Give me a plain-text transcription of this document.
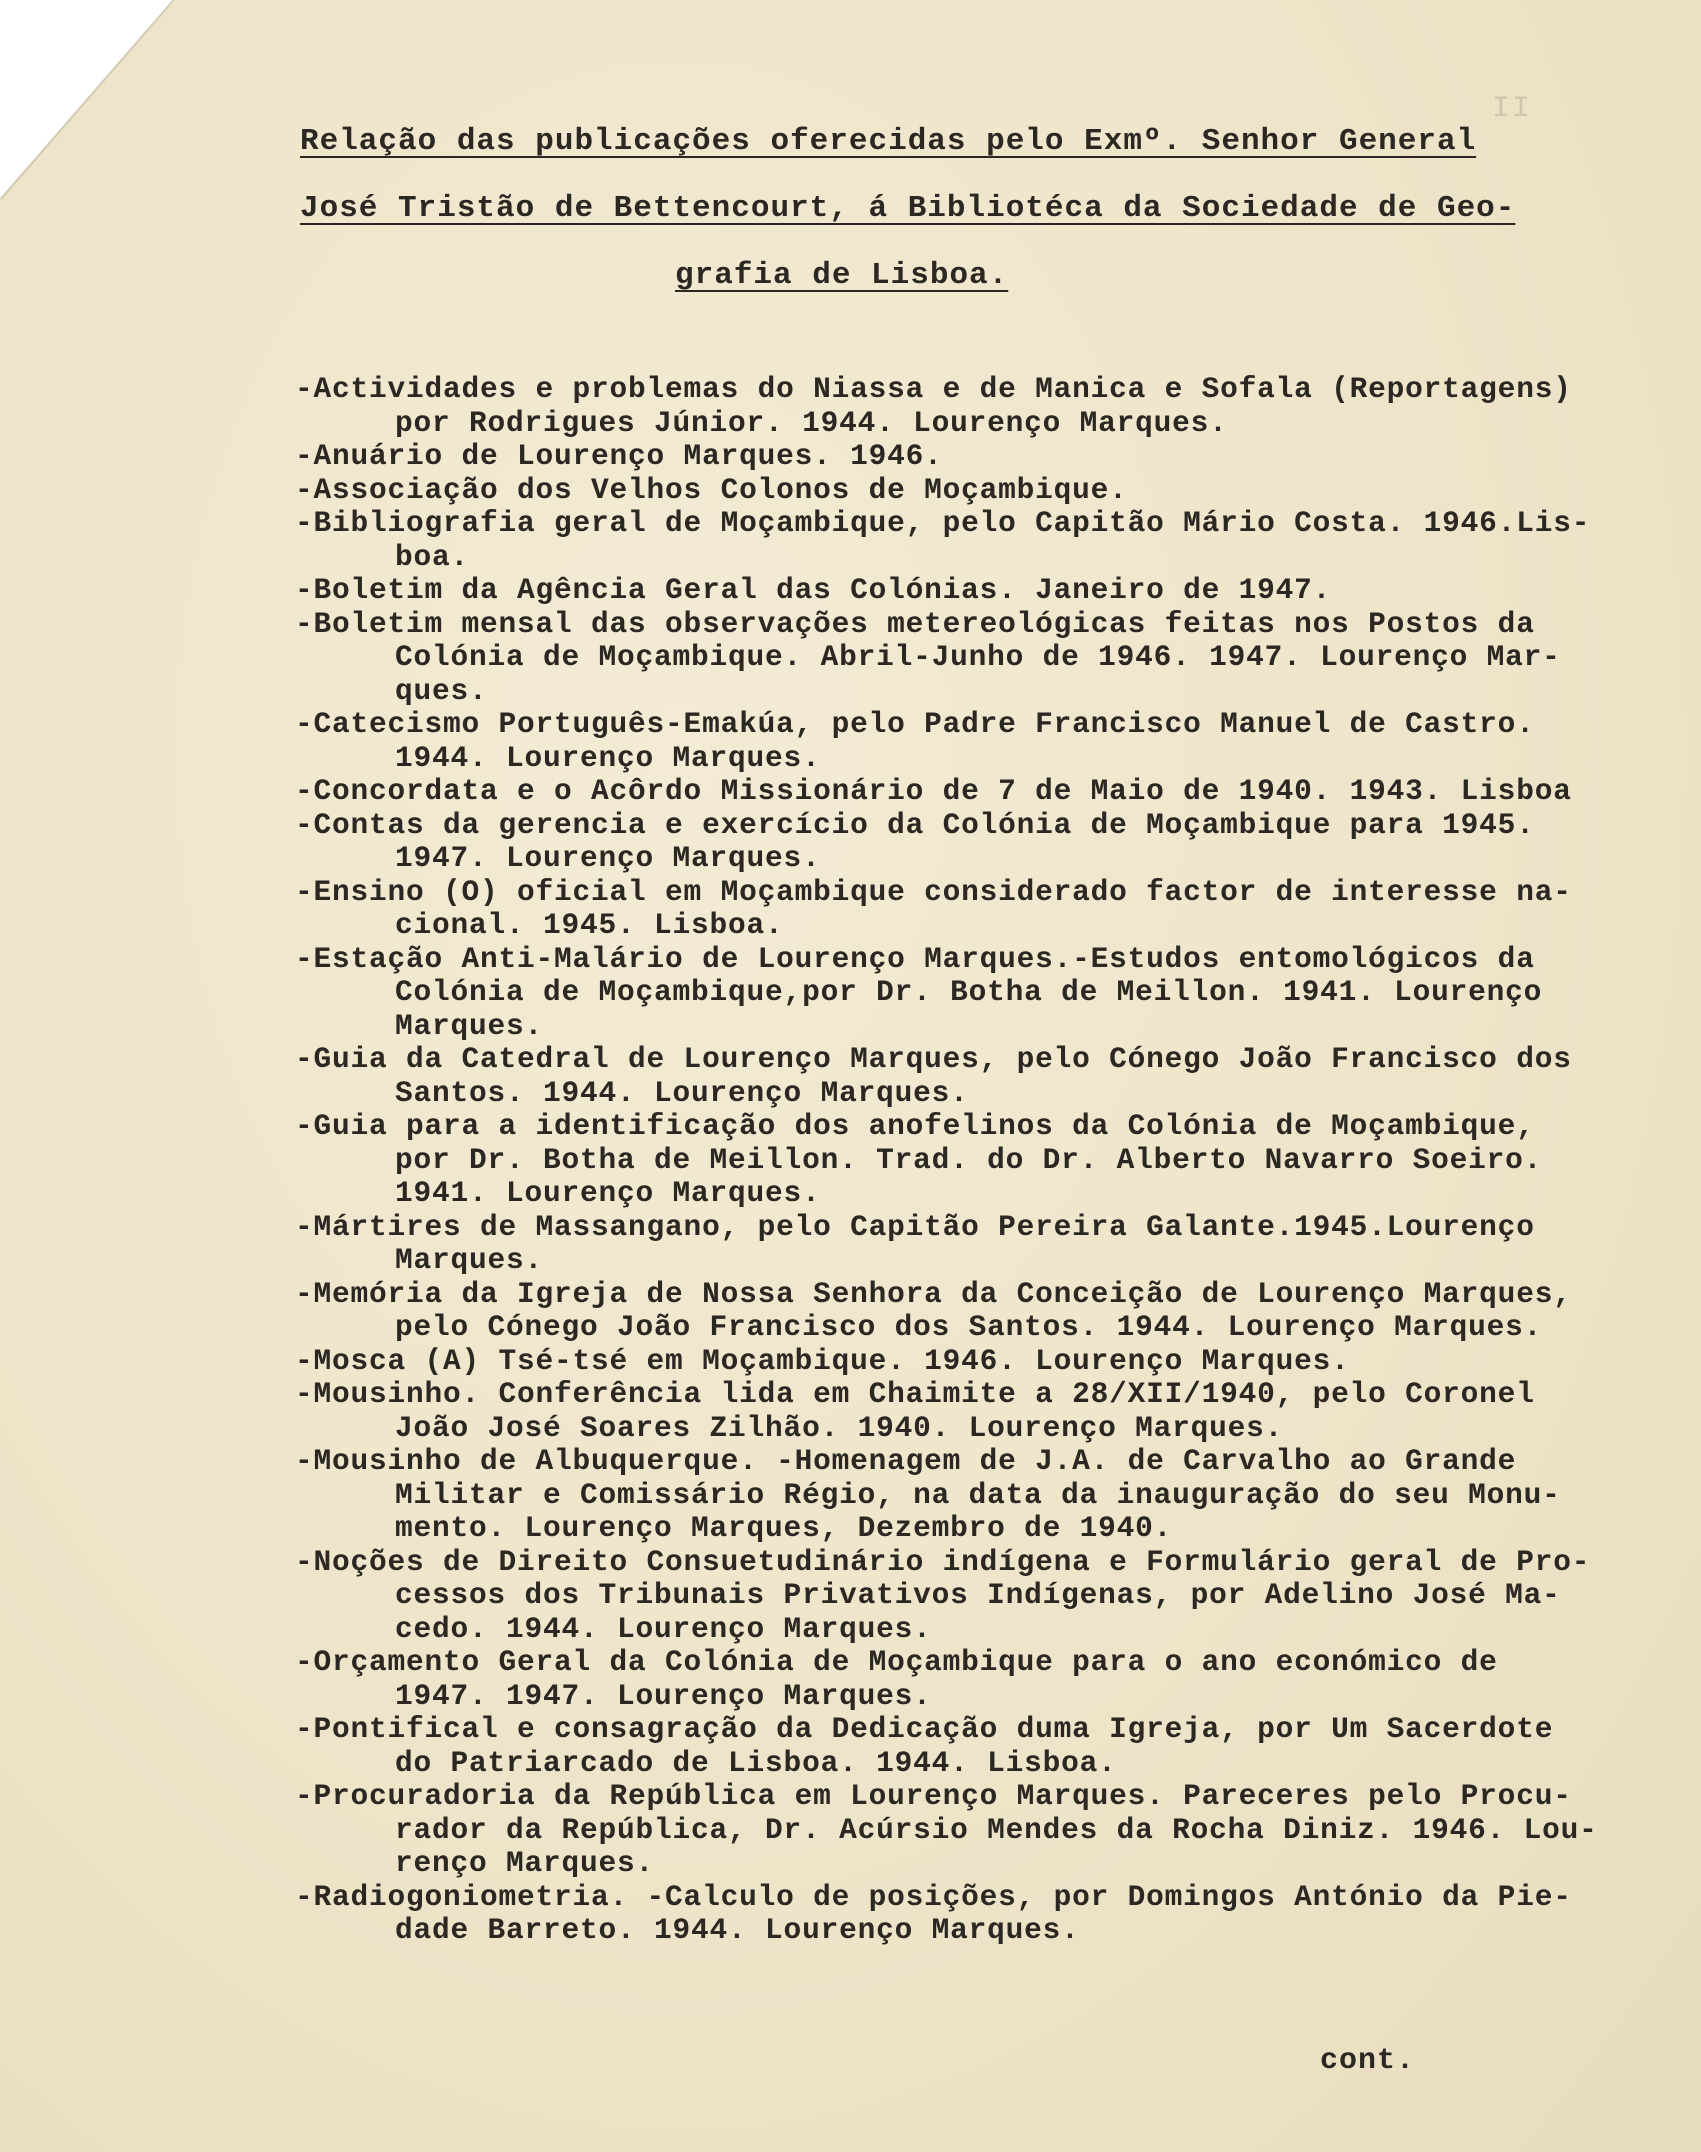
II
Relação das publicações oferecidas pelo Exmº. Senhor General
José Tristão de Bettencourt, á Bibliotéca da Sociedade de Geo-
grafia de Lisboa.
-Actividades e problemas do Niassa e de Manica e Sofala (Reportagens)
por Rodrigues Júnior. 1944. Lourenço Marques.
-Anuário de Lourenço Marques. 1946.
-Associação dos Velhos Colonos de Moçambique.
-Bibliografia geral de Moçambique, pelo Capitão Mário Costa. 1946.Lis-
boa.
-Boletim da Agência Geral das Colónias. Janeiro de 1947.
-Boletim mensal das observações metereológicas feitas nos Postos da
Colónia de Moçambique. Abril-Junho de 1946. 1947. Lourenço Mar-
ques.
-Catecismo Português-Emakúa, pelo Padre Francisco Manuel de Castro.
1944. Lourenço Marques.
-Concordata e o Acôrdo Missionário de 7 de Maio de 1940. 1943. Lisboa
-Contas da gerencia e exercício da Colónia de Moçambique para 1945.
1947. Lourenço Marques.
-Ensino (O) oficial em Moçambique considerado factor de interesse na-
cional. 1945. Lisboa.
-Estação Anti-Malário de Lourenço Marques.-Estudos entomológicos da
Colónia de Moçambique,por Dr. Botha de Meillon. 1941. Lourenço
Marques.
-Guia da Catedral de Lourenço Marques, pelo Cónego João Francisco dos
Santos. 1944. Lourenço Marques.
-Guia para a identificação dos anofelinos da Colónia de Moçambique,
por Dr. Botha de Meillon. Trad. do Dr. Alberto Navarro Soeiro.
1941. Lourenço Marques.
-Mártires de Massangano, pelo Capitão Pereira Galante.1945.Lourenço
Marques.
-Memória da Igreja de Nossa Senhora da Conceição de Lourenço Marques,
pelo Cónego João Francisco dos Santos. 1944. Lourenço Marques.
-Mosca (A) Tsé-tsé em Moçambique. 1946. Lourenço Marques.
-Mousinho. Conferência lida em Chaimite a 28/XII/1940, pelo Coronel
João José Soares Zilhão. 1940. Lourenço Marques.
-Mousinho de Albuquerque. -Homenagem de J.A. de Carvalho ao Grande
Militar e Comissário Régio, na data da inauguração do seu Monu-
mento. Lourenço Marques, Dezembro de 1940.
-Noções de Direito Consuetudinário indígena e Formulário geral de Pro-
cessos dos Tribunais Privativos Indígenas, por Adelino José Ma-
cedo. 1944. Lourenço Marques.
-Orçamento Geral da Colónia de Moçambique para o ano económico de
1947. 1947. Lourenço Marques.
-Pontifical e consagração da Dedicação duma Igreja, por Um Sacerdote
do Patriarcado de Lisboa. 1944. Lisboa.
-Procuradoria da República em Lourenço Marques. Pareceres pelo Procu-
rador da República, Dr. Acúrsio Mendes da Rocha Diniz. 1946. Lou-
renço Marques.
-Radiogoniometria. -Calculo de posições, por Domingos António da Pie-
dade Barreto. 1944. Lourenço Marques.
cont.
